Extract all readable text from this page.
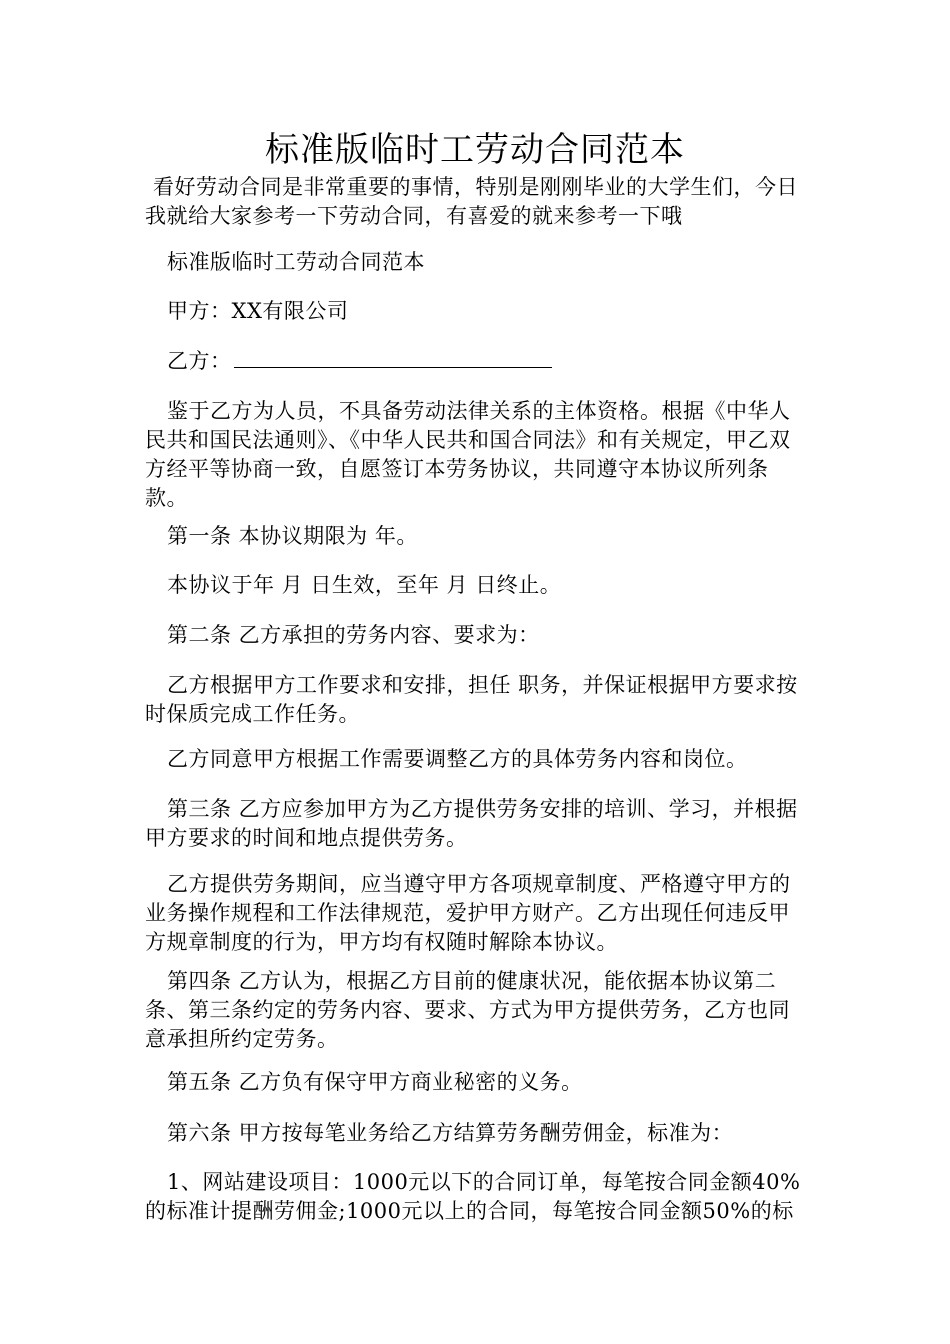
标准版临时工劳动合同范本

看好劳动合同是非常重要的事情，特别是刚刚毕业的大学生们，今日我就给大家参考一下劳动合同，有喜爱的就来参考一下哦

标准版临时工劳动合同范本

甲方：XX有限公司

乙方：

鉴于乙方为人员，不具备劳动法律关系的主体资格。根据《中华人民共和国民法通则》、《中华人民共和国合同法》和有关规定，甲乙双方经平等协商一致，自愿签订本劳务协议，共同遵守本协议所列条款。

第一条 本协议期限为 年。

本协议于年 月 日生效，至年 月 日终止。

第二条 乙方承担的劳务内容、要求为：

乙方根据甲方工作要求和安排，担任 职务，并保证根据甲方要求按时保质完成工作任务。

乙方同意甲方根据工作需要调整乙方的具体劳务内容和岗位。

第三条 乙方应参加甲方为乙方提供劳务安排的培训、学习，并根据甲方要求的时间和地点提供劳务。

乙方提供劳务期间，应当遵守甲方各项规章制度、严格遵守甲方的业务操作规程和工作法律规范，爱护甲方财产。乙方出现任何违反甲方规章制度的行为，甲方均有权随时解除本协议。

第四条 乙方认为，根据乙方目前的健康状况，能依据本协议第二条、第三条约定的劳务内容、要求、方式为甲方提供劳务，乙方也同意承担所约定劳务。

第五条 乙方负有保守甲方商业秘密的义务。

第六条 甲方按每笔业务给乙方结算劳务酬劳佣金，标准为：

1、网站建设项目：1000元以下的合同订单，每笔按合同金额40%的标准计提酬劳佣金;1000元以上的合同，每笔按合同金额50%的标
